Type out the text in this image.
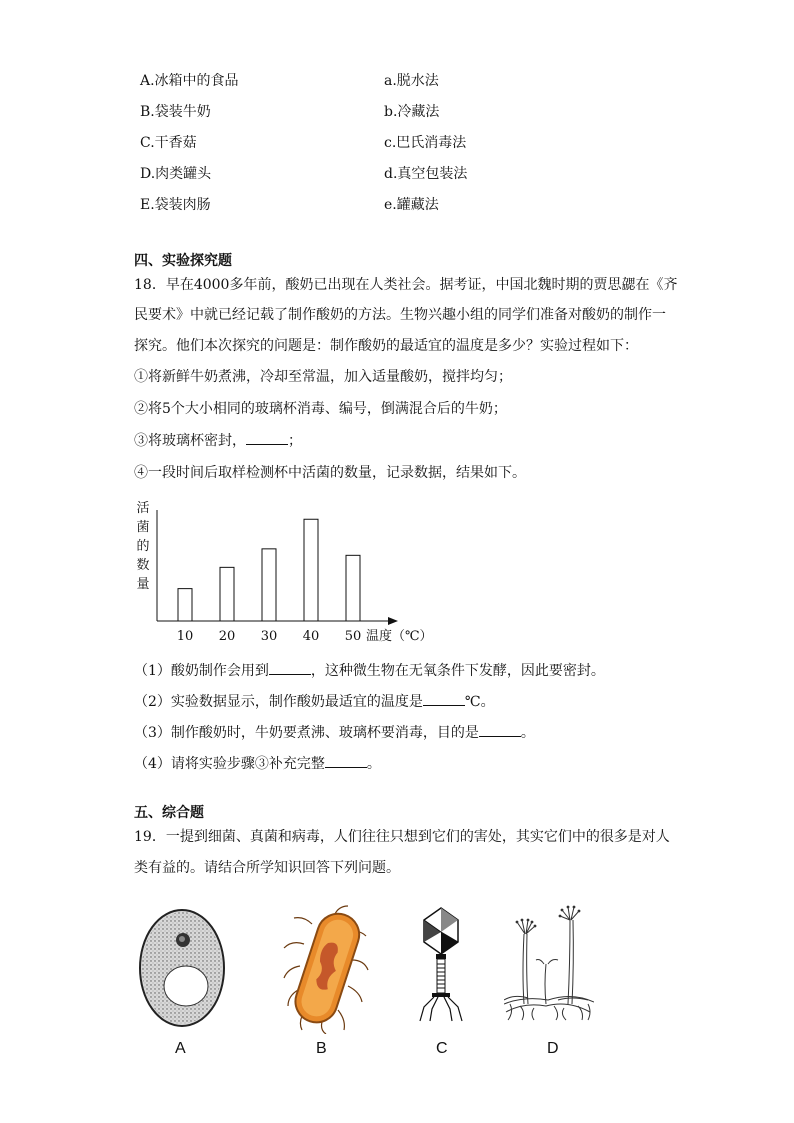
A.冰箱中的食品	a.脱水法
B.袋装牛奶	b.冷藏法
C.干香菇	c.巴氏消毒法
D.肉类罐头	d.真空包装法
E.袋装肉肠	e.罐藏法
四、实验探究题
18．早在4000多年前，酸奶已出现在人类社会。据考证，中国北魏时期的贾思勰在《齐
民要术》中就已经记载了制作酸奶的方法。生物兴趣小组的同学们准备对酸奶的制作一
探究。他们本次探究的问题是：制作酸奶的最适宜的温度是多少？实验过程如下：
①将新鲜牛奶煮沸，冷却至常温，加入适量酸奶，搅拌均匀；
②将5个大小相同的玻璃杯消毒、编号，倒满混合后的牛奶；
③将玻璃杯密封，	；
④一段时间后取样检测杯中活菌的数量，记录数据，结果如下。
活
菌
的
数
量
10 20 30 40 50 温度（℃）
（1）酸奶制作会用到	，这种微生物在无氧条件下发酵，因此要密封。
（2）实验数据显示，制作酸奶最适宜的温度是	℃。
（3）制作酸奶时，牛奶要煮沸、玻璃杯要消毒，目的是	。
（4）请将实验步骤③补充完整	。
五、综合题
19．一提到细菌、真菌和病毒，人们往往只想到它们的害处，其实它们中的很多是对人
类有益的。请结合所学知识回答下列问题。
A	B	C	D
